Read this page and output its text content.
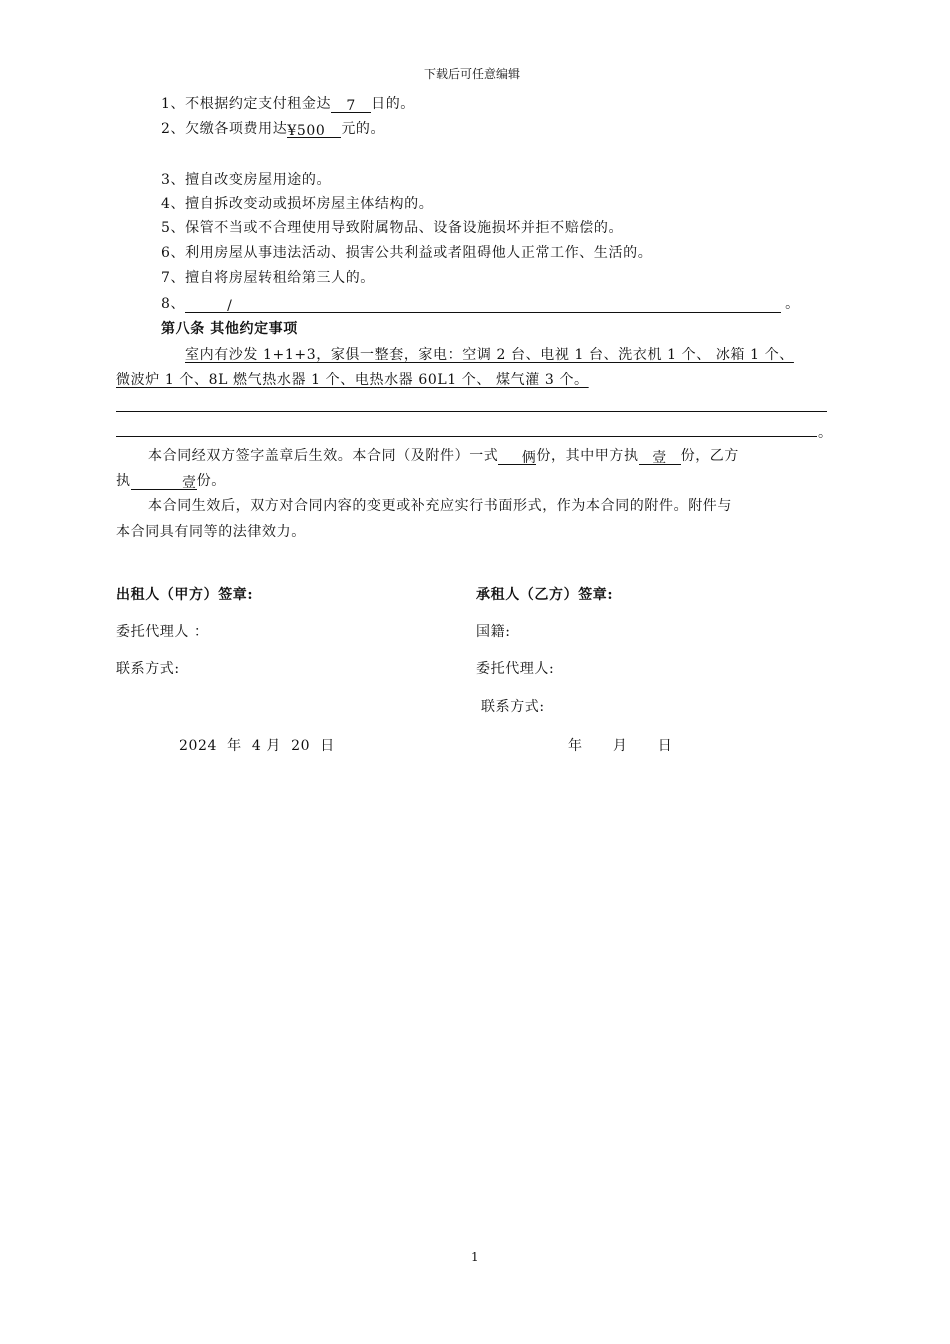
下载后可任意编辑
1、不根据约定支付租金达 7 日的。
2、欠缴各项费用达¥500 元的。
3、擅自改变房屋用途的。
4、擅自拆改变动或损坏房屋主体结构的。
5、保管不当或不合理使用导致附属物品、设备设施损坏并拒不赔偿的。
6、利用房屋从事违法活动、损害公共利益或者阻碍他人正常工作、生活的。
7、擅自将房屋转租给第三人的。
8、	/	。
第八条 其他约定事项
室内有沙发 1+1+3，家俱一整套，家电：空调 2 台、电视 1 台、洗衣机 1 个、 冰箱 1 个、
微波炉 1 个、8L 燃气热水器 1 个、电热水器 60L1 个、 煤气灌 3 个。
。
本合同经双方签字盖章后生效。本合同（及附件）一式 俩份，其中甲方执 壹 份，乙方
执	壹份。
本合同生效后，双方对合同内容的变更或补充应实行书面形式，作为本合同的附件。附件与
本合同具有同等的法律效力。
出租人（甲方）签章:
委托代理人 ：
联系方式:
2024  年  4 月  20  日
承租人（乙方）签章:
国籍:
委托代理人:
联系方式:
年      月      日
1
